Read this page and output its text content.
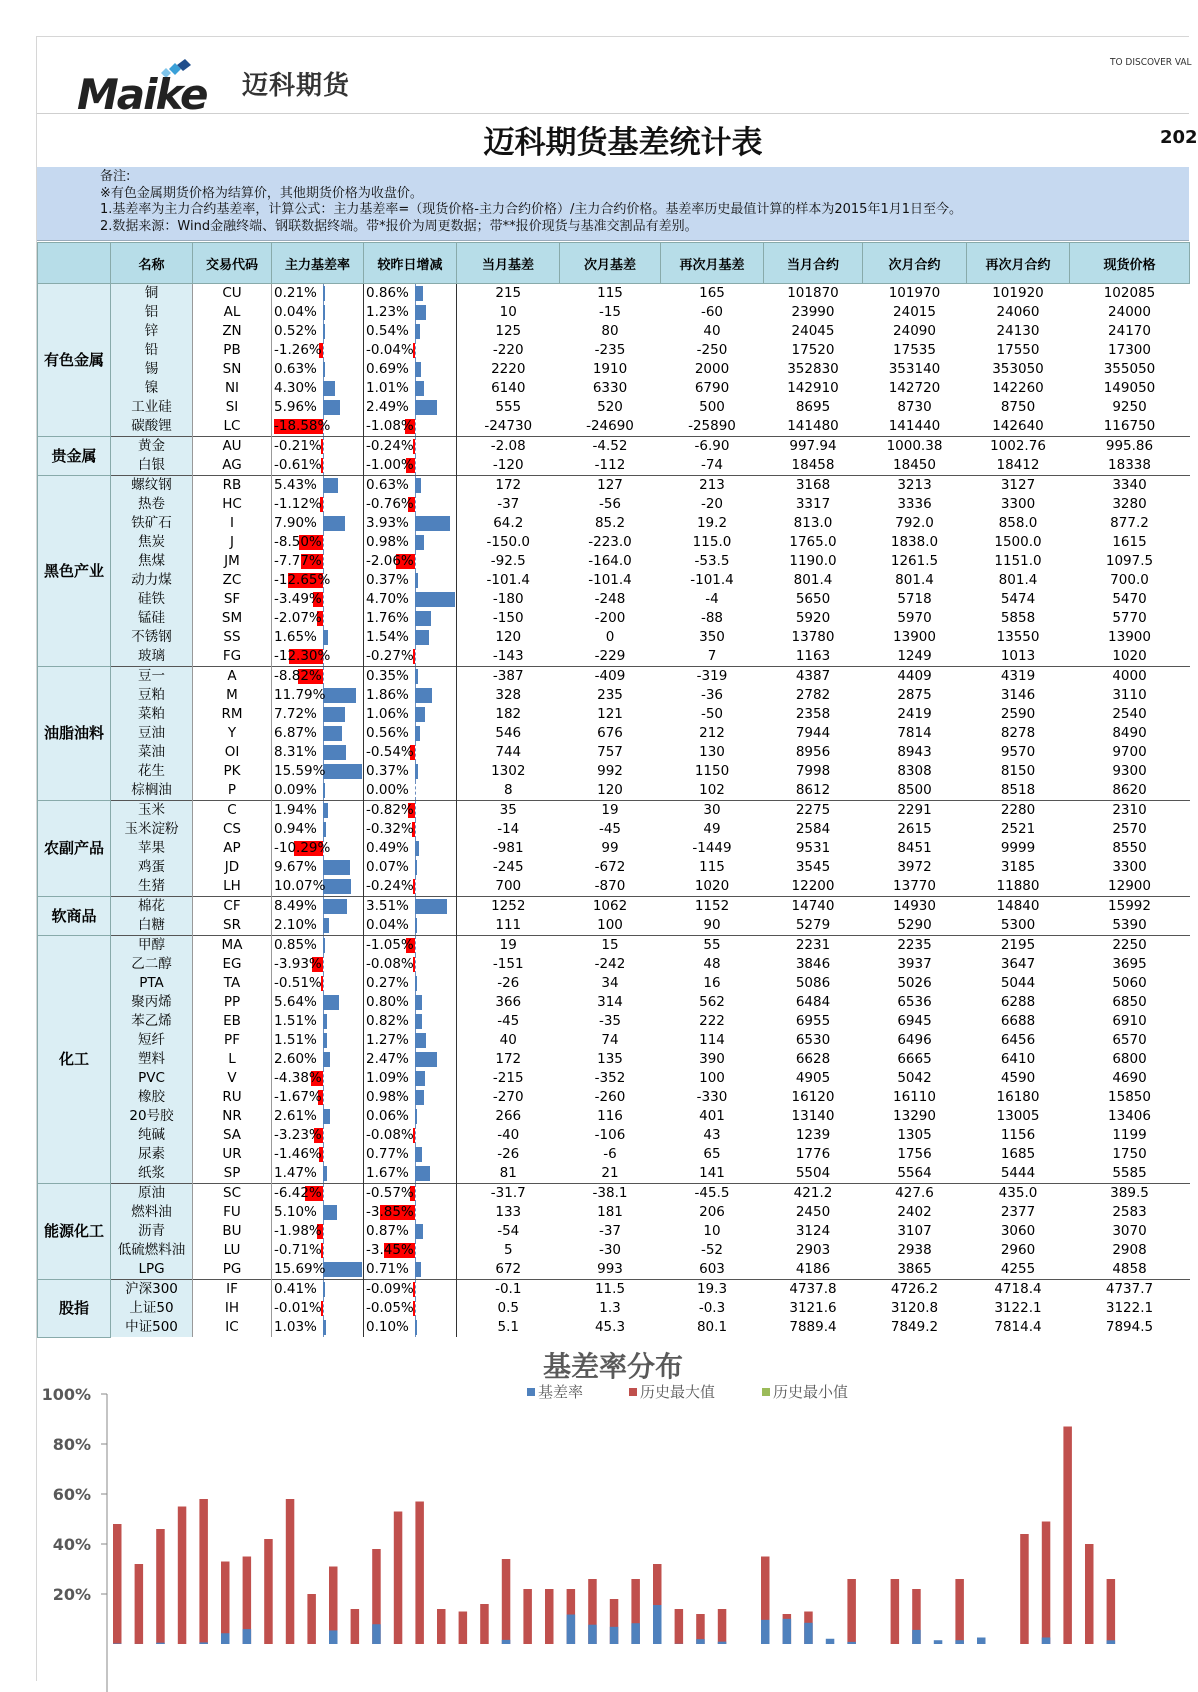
Maike 迈科期货
TO DISCOVER VAL
迈科期货基差统计表	202
备注:
※有色金属期货价格为结算价，其他期货价格为收盘价。
1.基差率为主力合约基差率，计算公式：主力基差率=（现货价格-主力合约价格）/主力合约价格。基差率历史最值计算的样本为2015年1月1日至今。
2.数据来源：Wind金融终端、钢联数据终端。带*报价为周更数据；带**报价现货与基准交割品有差别。
	名称	交易代码	主力基差率	较昨日增减	当月基差	次月基差	再次月基差	当月合约	次月合约	再次月合约	现货价格
有色金属	铜	CU	0.21%	0.86%	215	115	165	101870	101970	101920	102085
	铝	AL	0.04%	1.23%	10	-15	-60	23990	24015	24060	24000
	锌	ZN	0.52%	0.54%	125	80	40	24045	24090	24130	24170
	铅	PB	-1.26%	-0.04%	-220	-235	-250	17520	17535	17550	17300
	锡	SN	0.63%	0.69%	2220	1910	2000	352830	353140	353050	355050
	镍	NI	4.30%	1.01%	6140	6330	6790	142910	142720	142260	149050
	工业硅	SI	5.96%	2.49%	555	520	500	8695	8730	8750	9250
	碳酸锂	LC	-18.58%	-1.08%	-24730	-24690	-25890	141480	141440	142640	116750
贵金属	黄金	AU	-0.21%	-0.24%	-2.08	-4.52	-6.90	997.94	1000.38	1002.76	995.86
	白银	AG	-0.61%	-1.00%	-120	-112	-74	18458	18450	18412	18338
黑色产业	螺纹钢	RB	5.43%	0.63%	172	127	213	3168	3213	3127	3340
	热卷	HC	-1.12%	-0.76%	-37	-56	-20	3317	3336	3300	3280
	铁矿石	I	7.90%	3.93%	64.2	85.2	19.2	813.0	792.0	858.0	877.2
	焦炭	J	-8.50%	0.98%	-150.0	-223.0	115.0	1765.0	1838.0	1500.0	1615
	焦煤	JM	-7.77%	-2.06%	-92.5	-164.0	-53.5	1190.0	1261.5	1151.0	1097.5
	动力煤	ZC	-12.65%	0.37%	-101.4	-101.4	-101.4	801.4	801.4	801.4	700.0
	硅铁	SF	-3.49%	4.70%	-180	-248	-4	5650	5718	5474	5470
	锰硅	SM	-2.07%	1.76%	-150	-200	-88	5920	5970	5858	5770
	不锈钢	SS	1.65%	1.54%	120	0	350	13780	13900	13550	13900
	玻璃	FG	-12.30%	-0.27%	-143	-229	7	1163	1249	1013	1020
油脂油料	豆一	A	-8.82%	0.35%	-387	-409	-319	4387	4409	4319	4000
	豆粕	M	11.79%	1.86%	328	235	-36	2782	2875	3146	3110
	菜粕	RM	7.72%	1.06%	182	121	-50	2358	2419	2590	2540
	豆油	Y	6.87%	0.56%	546	676	212	7944	7814	8278	8490
	菜油	OI	8.31%	-0.54%	744	757	130	8956	8943	9570	9700
	花生	PK	15.59%	0.37%	1302	992	1150	7998	8308	8150	9300
	棕榈油	P	0.09%	0.00%	8	120	102	8612	8500	8518	8620
农副产品	玉米	C	1.94%	-0.82%	35	19	30	2275	2291	2280	2310
	玉米淀粉	CS	0.94%	-0.32%	-14	-45	49	2584	2615	2521	2570
	苹果	AP	-10.29%	0.49%	-981	99	-1449	9531	8451	9999	8550
	鸡蛋	JD	9.67%	0.07%	-245	-672	115	3545	3972	3185	3300
	生猪	LH	10.07%	-0.24%	700	-870	1020	12200	13770	11880	12900
软商品	棉花	CF	8.49%	3.51%	1252	1062	1152	14740	14930	14840	15992
	白糖	SR	2.10%	0.04%	111	100	90	5279	5290	5300	5390
化工	甲醇	MA	0.85%	-1.05%	19	15	55	2231	2235	2195	2250
	乙二醇	EG	-3.93%	-0.08%	-151	-242	48	3846	3937	3647	3695
	PTA	TA	-0.51%	0.27%	-26	34	16	5086	5026	5044	5060
	聚丙烯	PP	5.64%	0.80%	366	314	562	6484	6536	6288	6850
	苯乙烯	EB	1.51%	0.82%	-45	-35	222	6955	6945	6688	6910
	短纤	PF	1.51%	1.27%	40	74	114	6530	6496	6456	6570
	塑料	L	2.60%	2.47%	172	135	390	6628	6665	6410	6800
	PVC	V	-4.38%	1.09%	-215	-352	100	4905	5042	4590	4690
	橡胶	RU	-1.67%	0.98%	-270	-260	-330	16120	16110	16180	15850
	20号胶	NR	2.61%	0.06%	266	116	401	13140	13290	13005	13406
	纯碱	SA	-3.23%	-0.08%	-40	-106	43	1239	1305	1156	1199
	尿素	UR	-1.46%	0.77%	-26	-6	65	1776	1756	1685	1750
	纸浆	SP	1.47%	1.67%	81	21	141	5504	5564	5444	5585
能源化工	原油	SC	-6.42%	-0.57%	-31.7	-38.1	-45.5	421.2	427.6	435.0	389.5
	燃料油	FU	5.10%	-3.85%	133	181	206	2450	2402	2377	2583
	沥青	BU	-1.98%	0.87%	-54	-37	10	3124	3107	3060	3070
	低硫燃料油	LU	-0.71%	-3.45%	5	-30	-52	2903	2938	2960	2908
	LPG	PG	15.69%	0.71%	672	993	603	4186	3865	4255	4858
股指	沪深300	IF	0.41%	-0.09%	-0.1	11.5	19.3	4737.8	4726.2	4718.4	4737.7
	上证50	IH	-0.01%	-0.05%	0.5	1.3	-0.3	3121.6	3120.8	3122.1	3122.1
	中证500	IC	1.03%	0.10%	5.1	45.3	80.1	7889.4	7849.2	7814.4	7894.5
基差率分布
基差率	历史最大值	历史最小值
100%
80%
60%
40%
20%
